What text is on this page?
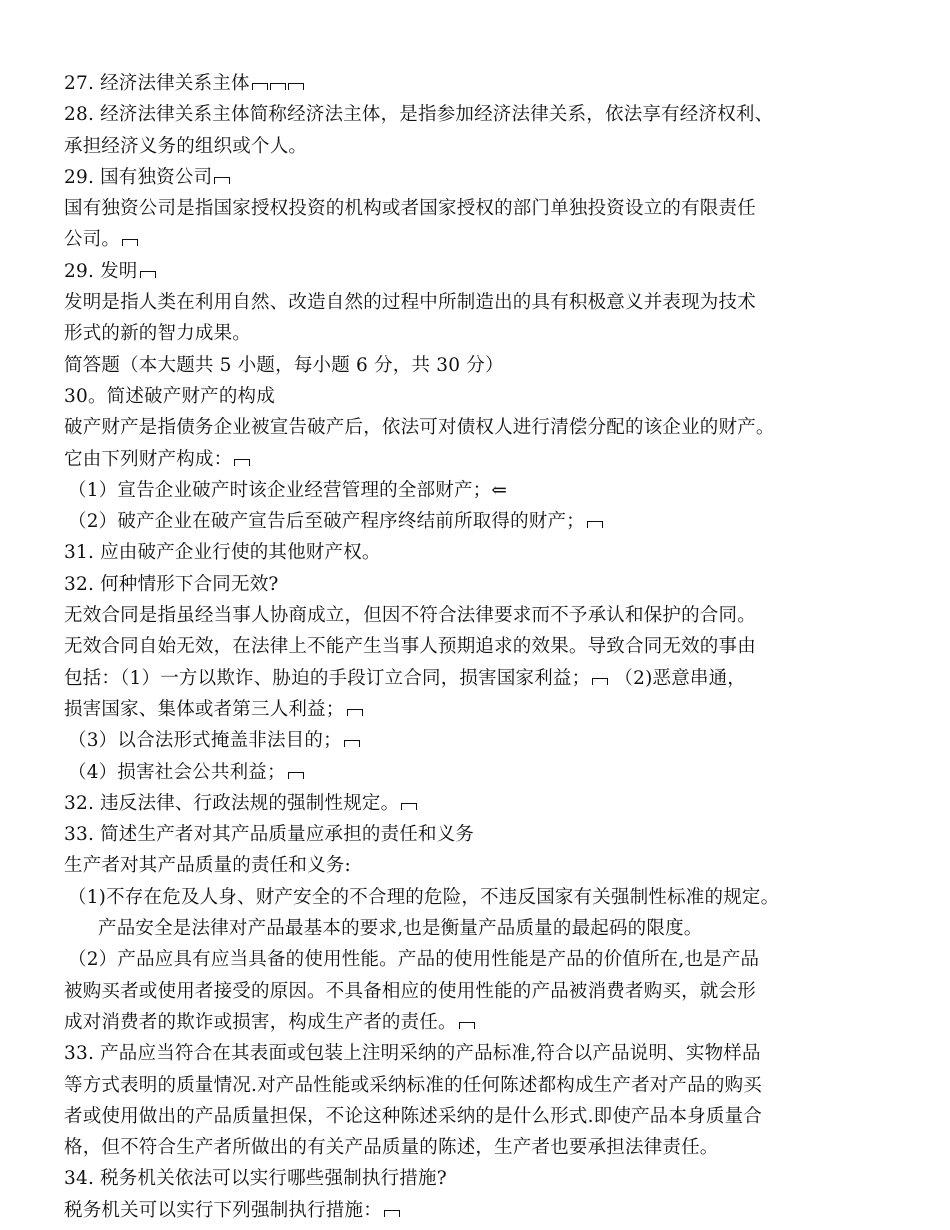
27. 经济法律关系主体
28. 经济法律关系主体简称经济法主体，是指参加经济法律关系，依法享有经济权利、
承担经济义务的组织或个人。
29. 国有独资公司
国有独资公司是指国家授权投资的机构或者国家授权的部门单独投资设立的有限责任
公司。
29. 发明
发明是指人类在利用自然、改造自然的过程中所制造出的具有积极意义并表现为技术
形式的新的智力成果。
简答题（本大题共 5 小题，每小题 6 分，共 30 分）
30。简述破产财产的构成
破产财产是指债务企业被宣告破产后，依法可对债权人进行清偿分配的该企业的财产。
它由下列财产构成：
（1）宣告企业破产时该企业经营管理的全部财产；⇐
（2）破产企业在破产宣告后至破产程序终结前所取得的财产；
31. 应由破产企业行使的其他财产权。
32. 何种情形下合同无效?
无效合同是指虽经当事人协商成立，但因不符合法律要求而不予承认和保护的合同。
无效合同自始无效，在法律上不能产生当事人预期追求的效果。导致合同无效的事由
包括：（1）一方以欺诈、胁迫的手段订立合同，损害国家利益； （2)恶意串通，
损害国家、集体或者第三人利益；
（3）以合法形式掩盖非法目的；
（4）损害社会公共利益；
32. 违反法律、行政法规的强制性规定。
33. 简述生产者对其产品质量应承担的责任和义务
生产者对其产品质量的责任和义务:
（1)不存在危及人身、财产安全的不合理的危险，不违反国家有关强制性标准的规定。
产品安全是法律对产品最基本的要求,也是衡量产品质量的最起码的限度。
（2）产品应具有应当具备的使用性能。产品的使用性能是产品的价值所在,也是产品
被购买者或使用者接受的原因。不具备相应的使用性能的产品被消费者购买，就会形
成对消费者的欺诈或损害，构成生产者的责任。
33. 产品应当符合在其表面或包装上注明采纳的产品标准,符合以产品说明、实物样品
等方式表明的质量情况.对产品性能或采纳标准的任何陈述都构成生产者对产品的购买
者或使用做出的产品质量担保，不论这种陈述采纳的是什么形式.即使产品本身质量合
格，但不符合生产者所做出的有关产品质量的陈述，生产者也要承担法律责任。
34. 税务机关依法可以实行哪些强制执行措施?
税务机关可以实行下列强制执行措施：
